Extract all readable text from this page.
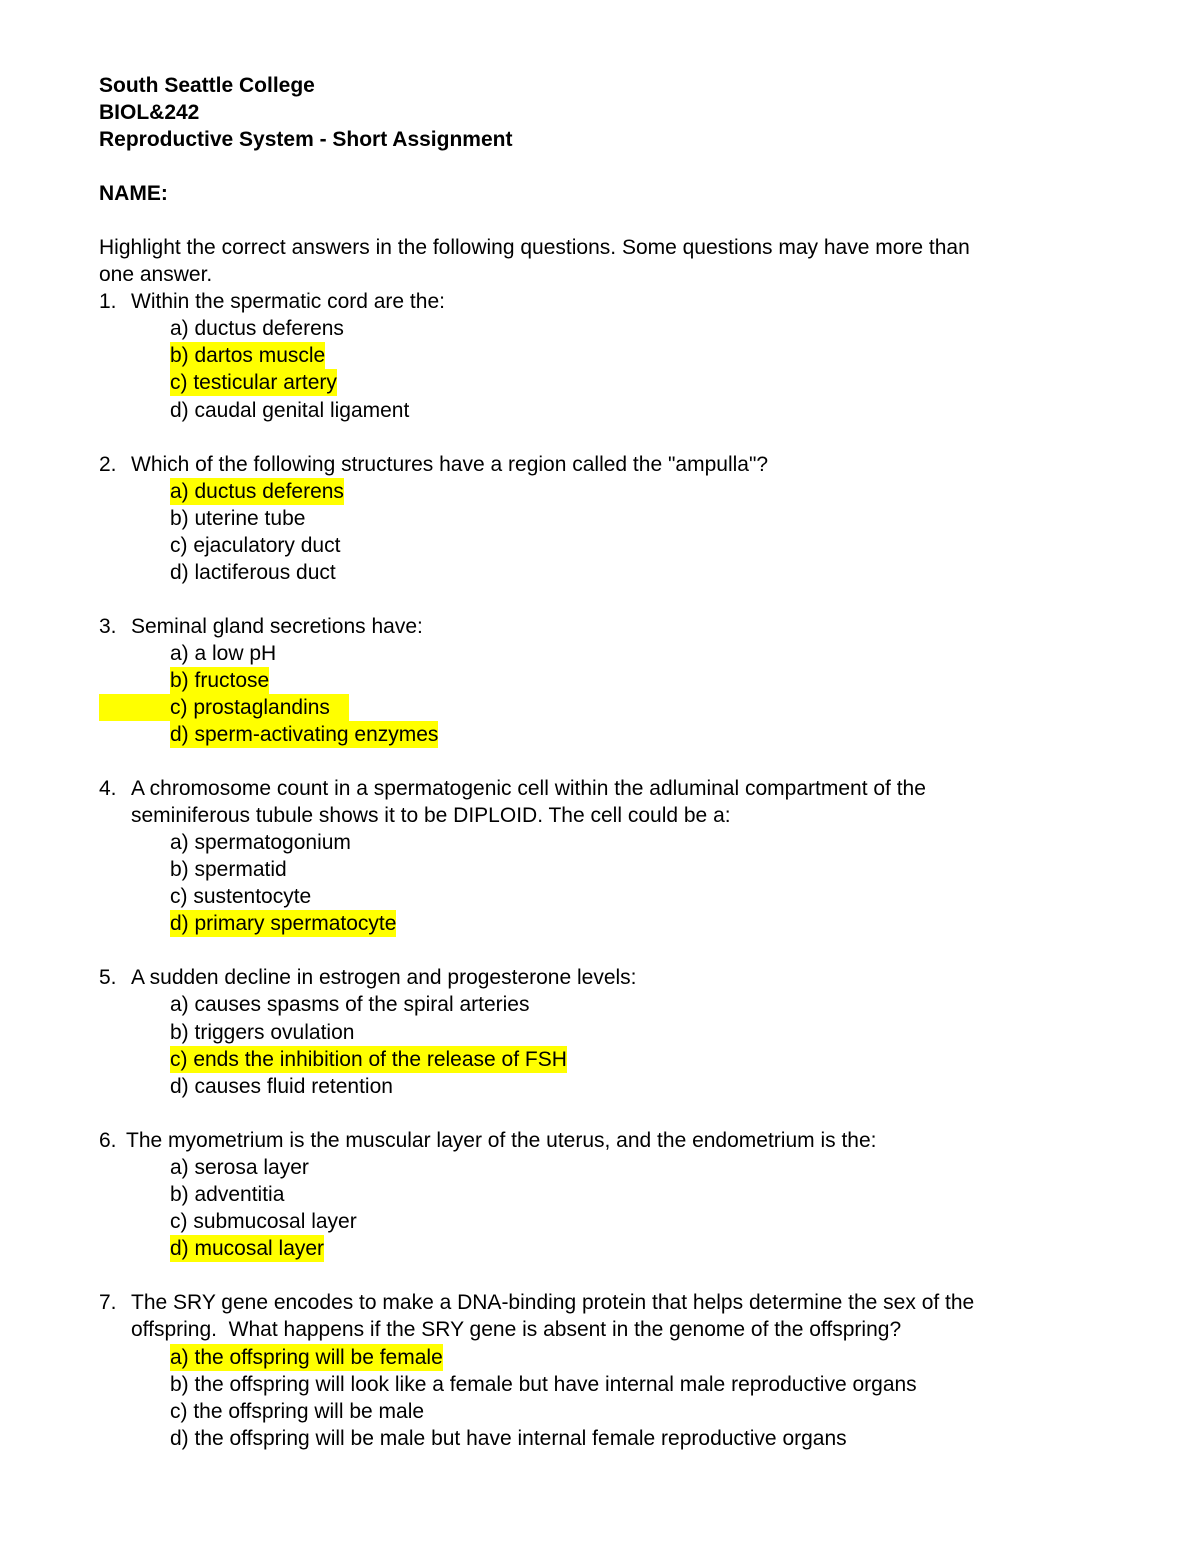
South Seattle College
BIOL&242
Reproductive System - Short Assignment
NAME:
Highlight the correct answers in the following questions. Some questions may have more than
one answer.
1. Within the spermatic cord are the:
a) ductus deferens
b) dartos muscle
c) testicular artery
d) caudal genital ligament
2. Which of the following structures have a region called the "ampulla"?
a) ductus deferens
b) uterine tube
c) ejaculatory duct
d) lactiferous duct
3. Seminal gland secretions have:
a) a low pH
b) fructose
c) prostaglandins
d) sperm-activating enzymes
4. A chromosome count in a spermatogenic cell within the adluminal compartment of the
seminiferous tubule shows it to be DIPLOID. The cell could be a:
a) spermatogonium
b) spermatid
c) sustentocyte
d) primary spermatocyte
5. A sudden decline in estrogen and progesterone levels:
a) causes spasms of the spiral arteries
b) triggers ovulation
c) ends the inhibition of the release of FSH
d) causes fluid retention
6. The myometrium is the muscular layer of the uterus, and the endometrium is the:
a) serosa layer
b) adventitia
c) submucosal layer
d) mucosal layer
7. The SRY gene encodes to make a DNA-binding protein that helps determine the sex of the
offspring.  What happens if the SRY gene is absent in the genome of the offspring?
a) the offspring will be female
b) the offspring will look like a female but have internal male reproductive organs
c) the offspring will be male
d) the offspring will be male but have internal female reproductive organs
